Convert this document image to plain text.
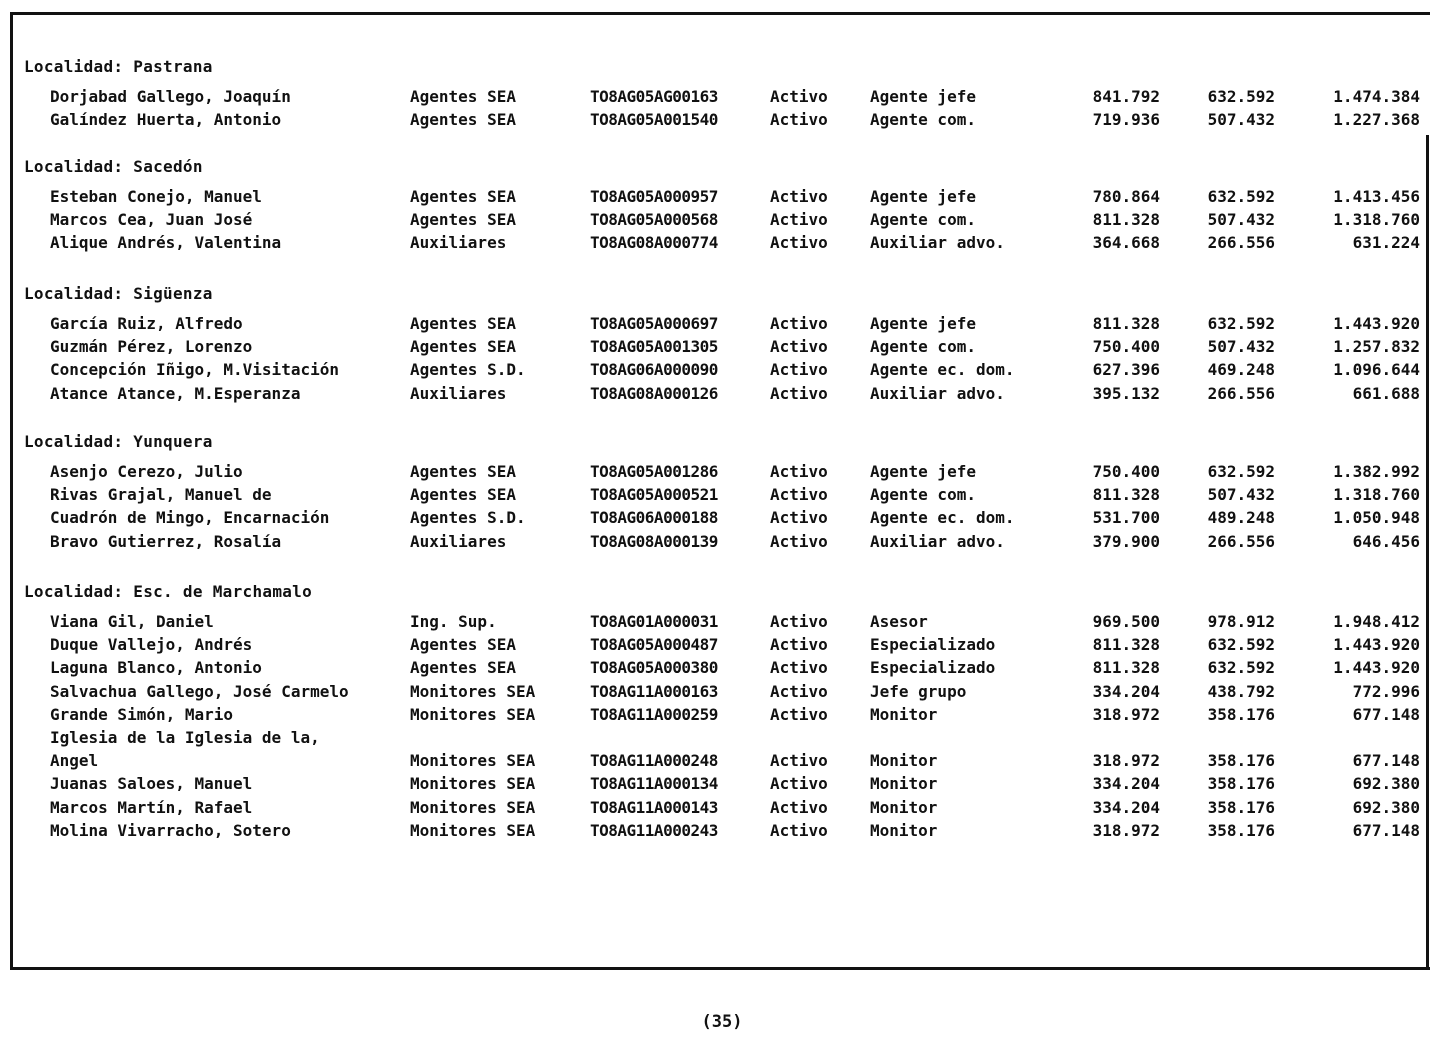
Localidad: Pastrana
Dorjabad Gallego, Joaquín	Agentes SEA	TO8AG05AG00163	Activo	Agente jefe	841.792	632.592	1.474.384
Galíndez Huerta, Antonio	Agentes SEA	TO8AG05A001540	Activo	Agente com.	719.936	507.432	1.227.368
Localidad: Sacedón
Esteban Conejo, Manuel	Agentes SEA	TO8AG05A000957	Activo	Agente jefe	780.864	632.592	1.413.456
Marcos Cea, Juan José	Agentes SEA	TO8AG05A000568	Activo	Agente com.	811.328	507.432	1.318.760
Alique Andrés, Valentina	Auxiliares	TO8AG08A000774	Activo	Auxiliar advo.	364.668	266.556	631.224
Localidad: Sigüenza
García Ruiz, Alfredo	Agentes SEA	TO8AG05A000697	Activo	Agente jefe	811.328	632.592	1.443.920
Guzmán Pérez, Lorenzo	Agentes SEA	TO8AG05A001305	Activo	Agente com.	750.400	507.432	1.257.832
Concepción Iñigo, M.Visitación	Agentes S.D.	TO8AG06A000090	Activo	Agente ec. dom.	627.396	469.248	1.096.644
Atance Atance, M.Esperanza	Auxiliares	TO8AG08A000126	Activo	Auxiliar advo.	395.132	266.556	661.688
Localidad: Yunquera
Asenjo Cerezo, Julio	Agentes SEA	TO8AG05A001286	Activo	Agente jefe	750.400	632.592	1.382.992
Rivas Grajal, Manuel de	Agentes SEA	TO8AG05A000521	Activo	Agente com.	811.328	507.432	1.318.760
Cuadrón de Mingo, Encarnación	Agentes S.D.	TO8AG06A000188	Activo	Agente ec. dom.	531.700	489.248	1.050.948
Bravo Gutierrez, Rosalía	Auxiliares	TO8AG08A000139	Activo	Auxiliar advo.	379.900	266.556	646.456
Localidad: Esc. de Marchamalo
Viana Gil, Daniel	Ing. Sup.	TO8AG01A000031	Activo	Asesor	969.500	978.912	1.948.412
Duque Vallejo, Andrés	Agentes SEA	TO8AG05A000487	Activo	Especializado	811.328	632.592	1.443.920
Laguna Blanco, Antonio	Agentes SEA	TO8AG05A000380	Activo	Especializado	811.328	632.592	1.443.920
Salvachua Gallego, José Carmelo	Monitores SEA	TO8AG11A000163	Activo	Jefe grupo	334.204	438.792	772.996
Grande Simón, Mario	Monitores SEA	TO8AG11A000259	Activo	Monitor	318.972	358.176	677.148
Iglesia de la Iglesia de la,
Angel	Monitores SEA	TO8AG11A000248	Activo	Monitor	318.972	358.176	677.148
Juanas Saloes, Manuel	Monitores SEA	TO8AG11A000134	Activo	Monitor	334.204	358.176	692.380
Marcos Martín, Rafael	Monitores SEA	TO8AG11A000143	Activo	Monitor	334.204	358.176	692.380
Molina Vivarracho, Sotero	Monitores SEA	TO8AG11A000243	Activo	Monitor	318.972	358.176	677.148
(35)
